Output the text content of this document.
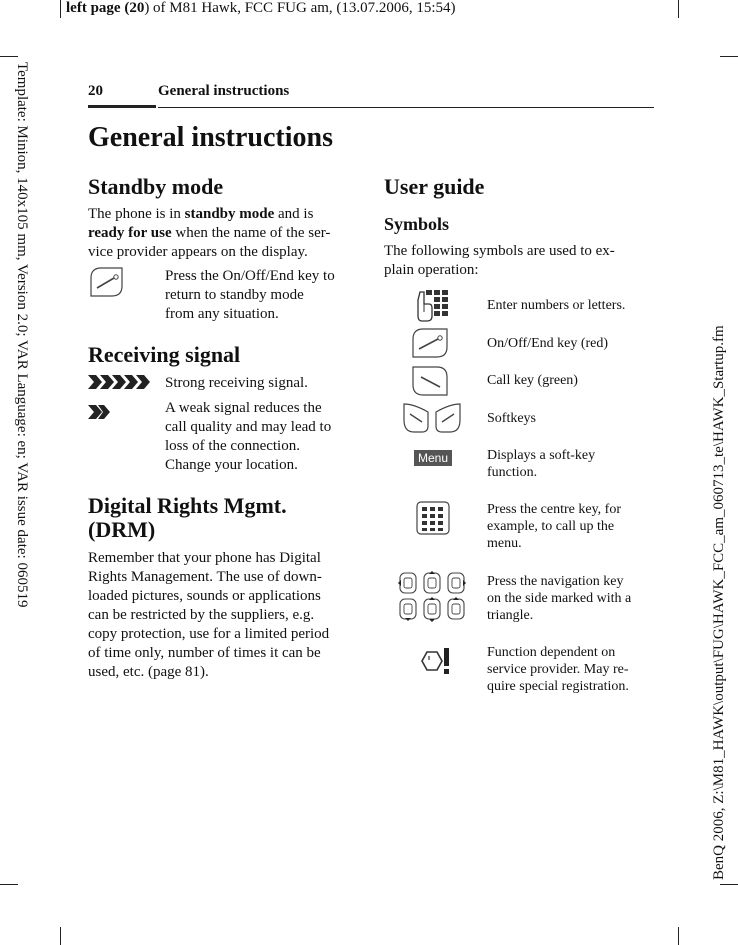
left page (20) of M81 Hawk, FCC FUG am, (13.07.2006, 15:54)
Template: Minion, 140x105 mm, Version 2.0; VAR Language: en; VAR issue date: 060519	BenQ 2006, Z:\M81_HAWK\output\FUG\HAWK_FCC_am_060713_te\HAWK_Startup.fm
20	General instructions
General instructions
Standby mode

The phone is in standby mode and is
ready for use when the name of the ser-
vice provider appears on the display.

Press the On/Off/End key to
return to standby mode
from any situation.
Receiving signal
Strong receiving signal.
A weak signal reduces the
call quality and may lead to
loss of the connection.
Change your location.
Digital Rights Mgmt.
(DRM)

Remember that your phone has Digital
Rights Management. The use of down-
loaded pictures, sounds or applications
can be restricted by the suppliers, e.g.
copy protection, use for a limited period
of time only, number of times it can be
used, etc. (page 81).

User guide
Symbols

The following symbols are used to ex-
plain operation:

Enter numbers or letters.
On/Off/End key (red)
Call key (green)
Softkeys
Menu	Displays a soft-key
function.
Press the centre key, for
example, to call up the
menu.
Press the navigation key
on the side marked with a
triangle.
Function dependent on
service provider. May re-
quire special registration.
